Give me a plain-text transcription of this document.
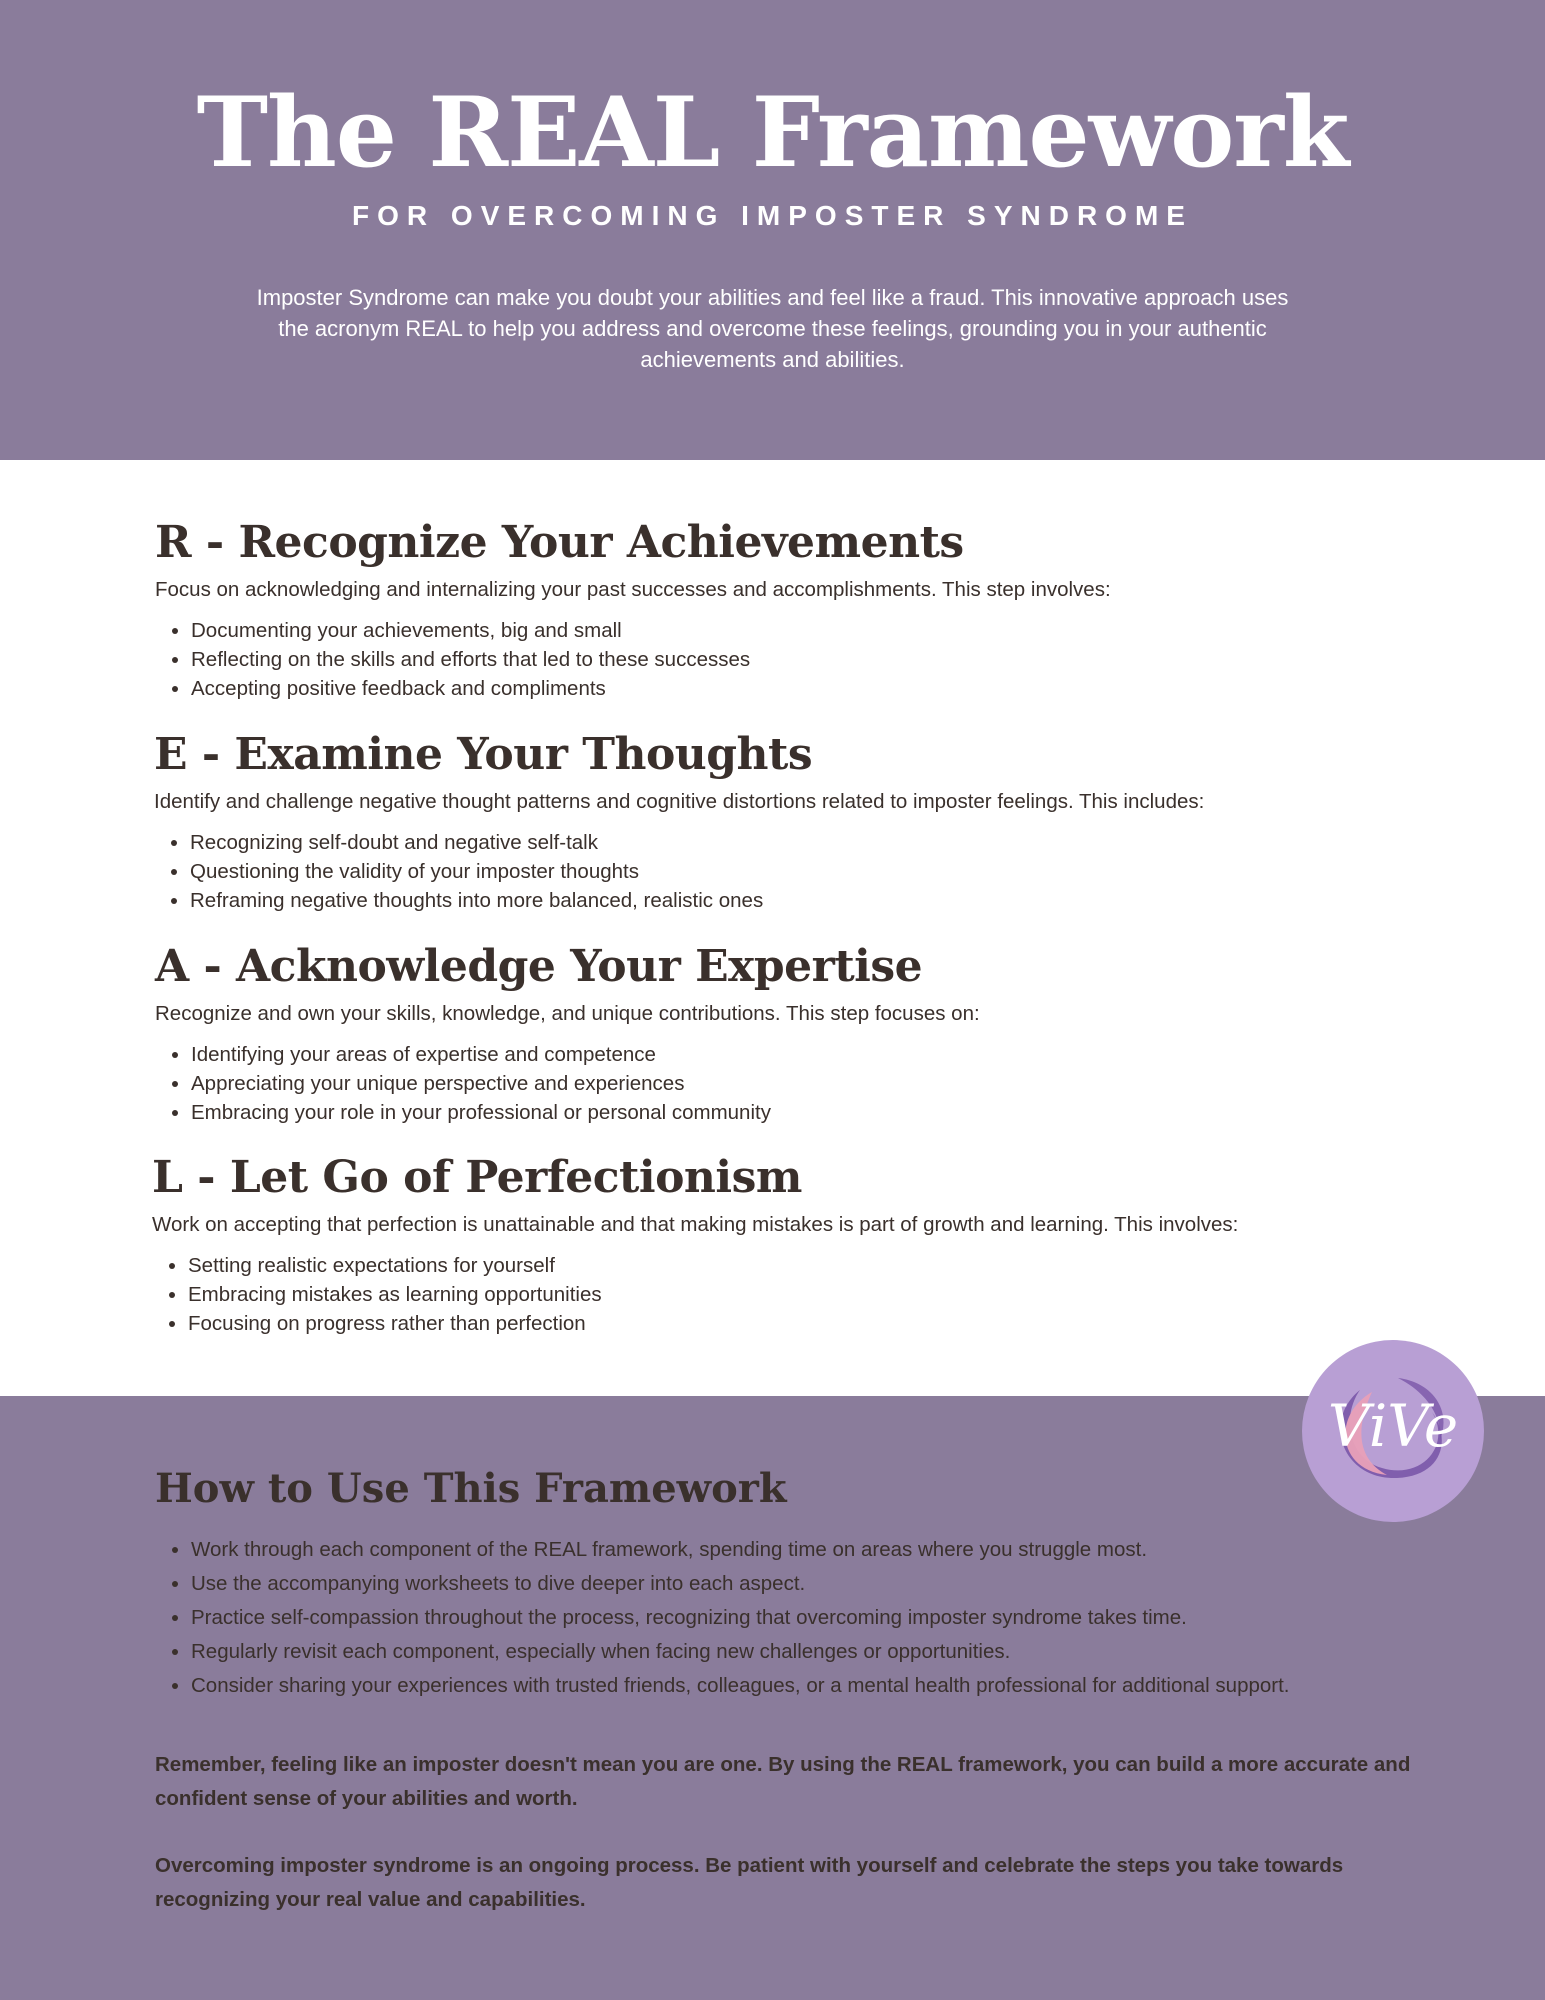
The REAL Framework
FOR OVERCOMING IMPOSTER SYNDROME

Imposter Syndrome can make you doubt your abilities and feel like a fraud. This innovative approach uses the acronym REAL to help you address and overcome these feelings, grounding you in your authentic achievements and abilities.

R - Recognize Your Achievements

Focus on acknowledging and internalizing your past successes and accomplishments. This step involves:

• Documenting your achievements, big and small
• Reflecting on the skills and efforts that led to these successes
• Accepting positive feedback and compliments
E - Examine Your Thoughts

Identify and challenge negative thought patterns and cognitive distortions related to imposter feelings. This includes:

• Recognizing self-doubt and negative self-talk
• Questioning the validity of your imposter thoughts
• Reframing negative thoughts into more balanced, realistic ones
A - Acknowledge Your Expertise

Recognize and own your skills, knowledge, and unique contributions. This step focuses on:

• Identifying your areas of expertise and competence
• Appreciating your unique perspective and experiences
• Embracing your role in your professional or personal community
L - Let Go of Perfectionism

Work on accepting that perfection is unattainable and that making mistakes is part of growth and learning. This involves:

• Setting realistic expectations for yourself
• Embracing mistakes as learning opportunities
• Focusing on progress rather than perfection
How to Use This Framework
• Work through each component of the REAL framework, spending time on areas where you struggle most.
• Use the accompanying worksheets to dive deeper into each aspect.
• Practice self-compassion throughout the process, recognizing that overcoming imposter syndrome takes time.
• Regularly revisit each component, especially when facing new challenges or opportunities.
• Consider sharing your experiences with trusted friends, colleagues, or a mental health professional for additional support.

Remember, feeling like an imposter doesn't mean you are one. By using the REAL framework, you can build a more accurate and confident sense of your abilities and worth.

Overcoming imposter syndrome is an ongoing process. Be patient with yourself and celebrate the steps you take towards recognizing your real value and capabilities.

ViVe
